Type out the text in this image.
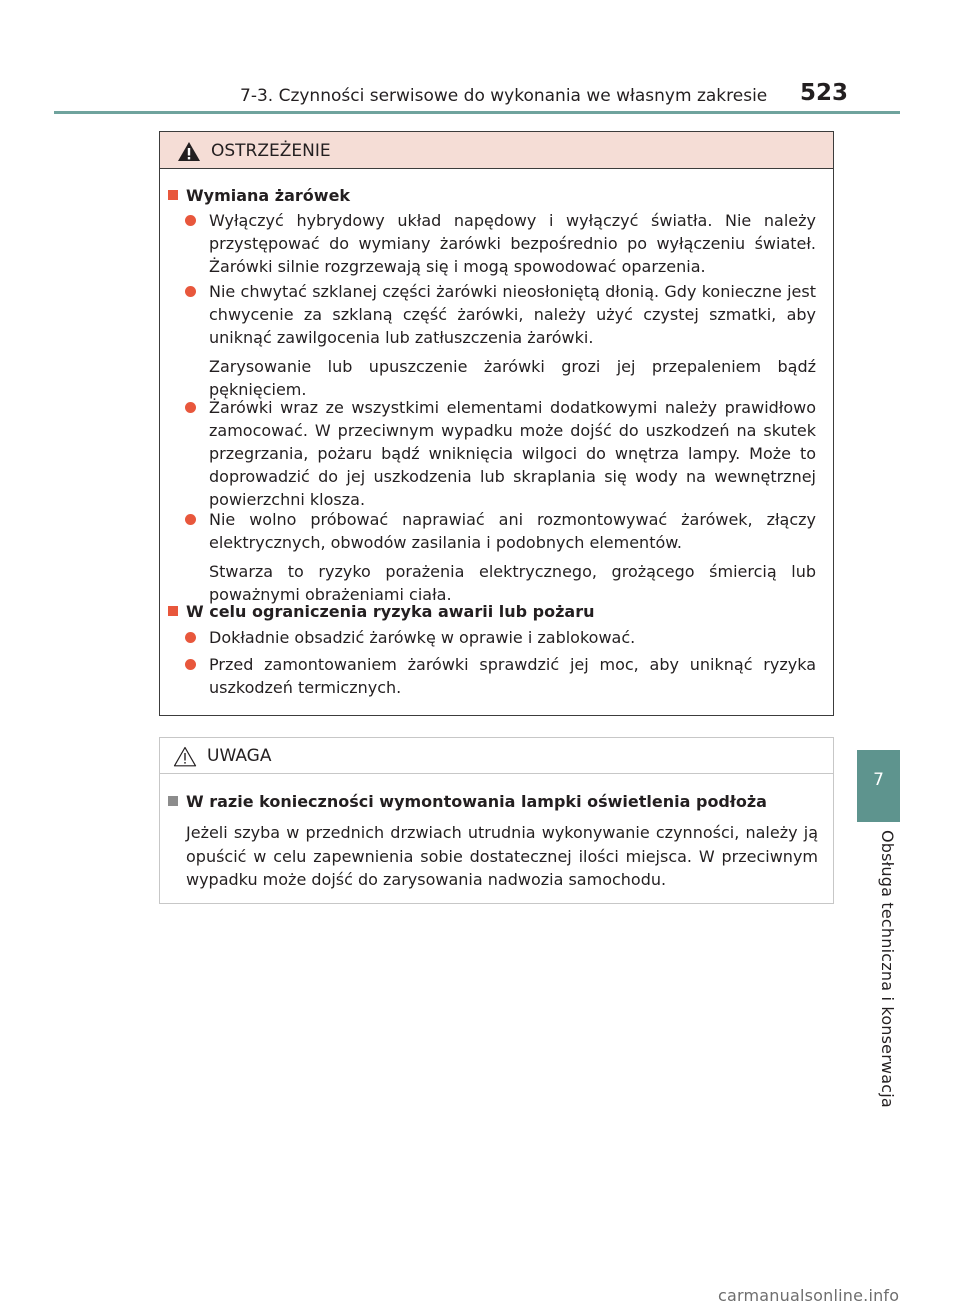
7-3. Czynności serwisowe do wykonania we własnym zakresie 523
7
Obsługa techniczna i konserwacja
OSTRZEŻENIE
Wymiana żarówek

Wyłączyć hybrydowy układ napędowy i wyłączyć światła. Nie należy przystępować do wymiany żarówki bezpośrednio po wyłączeniu świateł. Żarówki silnie rozgrzewają się i mogą spowodować oparzenia.

Nie chwytać szklanej części żarówki nieosłoniętą dłonią. Gdy konieczne jest chwycenie za szklaną część żarówki, należy użyć czystej szmatki, aby uniknąć zawilgocenia lub zatłuszczenia żarówki.

Zarysowanie lub upuszczenie żarówki grozi jej przepaleniem bądź pęknięciem.

Żarówki wraz ze wszystkimi elementami dodatkowymi należy prawidłowo zamocować. W przeciwnym wypadku może dojść do uszkodzeń na skutek przegrzania, pożaru bądź wniknięcia wilgoci do wnętrza lampy. Może to doprowadzić do jej uszkodzenia lub skraplania się wody na wewnętrznej powierzchni klosza.

Nie wolno próbować naprawiać ani rozmontowywać żarówek, złączy elektrycznych, obwodów zasilania i podobnych elementów.

Stwarza to ryzyko porażenia elektrycznego, grożącego śmiercią lub poważnymi obrażeniami ciała.

W celu ograniczenia ryzyka awarii lub pożaru

Dokładnie obsadzić żarówkę w oprawie i zablokować.

Przed zamontowaniem żarówki sprawdzić jej moc, aby uniknąć ryzyka uszkodzeń termicznych.

UWAGA
W razie konieczności wymontowania lampki oświetlenia podłoża
Jeżeli szyba w przednich drzwiach utrudnia wykonywanie czynności, należy ją opuścić w celu zapewnienia sobie dostatecznej ilości miejsca. W przeciwnym wypadku może dojść do zarysowania nadwozia samochodu.
carmanualsonline.info
